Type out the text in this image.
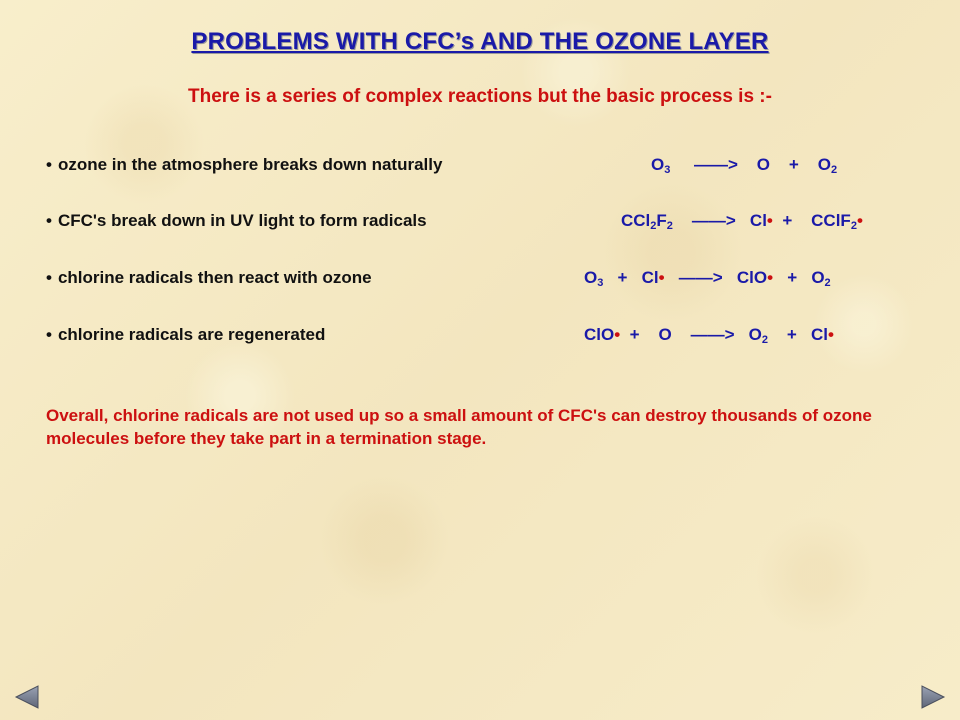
PROBLEMS WITH CFC’s AND THE OZONE LAYER
There is a series of complex reactions but the basic process is :-
• ozone in the atmosphere breaks down naturally	$O_3$     ——>    O    +    $O_2$
• CFC's break down in UV light to form radicals	$CCl_2F_2$    ——>   Cl•  +    CClF$_2$•
• chlorine radicals then react with ozone	$O_3$   +   Cl•   ——>   ClO•   +   $O_2$
• chlorine radicals are regenerated	ClO•  +    O    ——>   $O_2$    +   Cl•
Overall, chlorine radicals are not used up so a small amount of CFC's can destroy thousands of ozone molecules before they take part in a termination stage.
